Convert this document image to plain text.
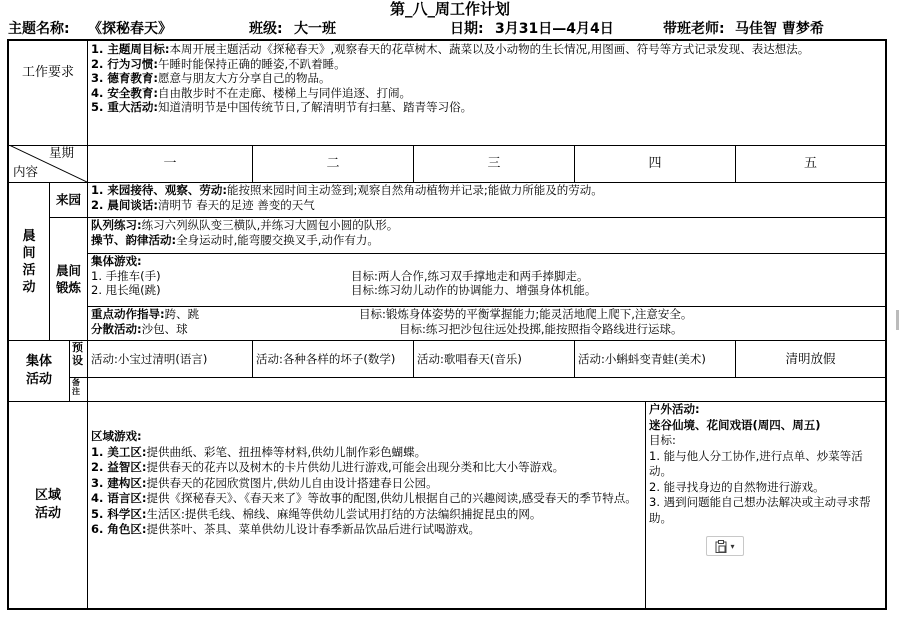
第_八_周工作计划
主题名称: 《探秘春天》	班级: 大一班	日期: 3月31日—4月4日	带班老师: 马佳智 曹梦希
工作要求
1. 主题周目标:本周开展主题活动《探秘春天》,观察春天的花草树木、蔬菜以及小动物的生长情况,用图画、符号等方式记录发现、表达想法。
2. 行为习惯:午睡时能保持正确的睡姿,不趴着睡。
3. 德育教育:愿意与朋友大方分享自己的物品。
4. 安全教育:自由散步时不在走廊、楼梯上与同伴追逐、打闹。
5. 重大活动:知道清明节是中国传统节日,了解清明节有扫墓、踏青等习俗。
星期
内容
一	二	三	四	五
晨间活动
来园
1. 来园接待、观察、劳动:能按照来园时间主动签到;观察自然角动植物并记录;能做力所能及的劳动。
2. 晨间谈话:清明节 春天的足迹 善变的天气
晨间锻炼
队列练习:练习六列纵队变三横队,并练习大圆包小圆的队形。
操节、韵律活动:全身运动时,能弯腰交换叉手,动作有力。
集体游戏:
1. 手推车(手)	目标:两人合作,练习双手撑地走和两手捧脚走。
2. 甩长绳(跳)	目标:练习幼儿动作的协调能力、增强身体机能。
重点动作指导:跨、跳	目标:锻炼身体姿势的平衡掌握能力;能灵活地爬上爬下,注意安全。
分散活动:沙包、球	目标:练习把沙包往远处投掷,能按照指令路线进行运球。
集体活动
预设
备注
活动:小宝过清明(语言)	活动:各种各样的坏子(数学)	活动:歌唱春天(音乐)	活动:小蝌蚪变青蛙(美术)	清明放假
区域活动
区域游戏:
1. 美工区:提供曲纸、彩笔、扭扭棒等材料,供幼儿制作彩色蝴蝶。
2. 益智区:提供春天的花卉以及树木的卡片供幼儿进行游戏,可能会出现分类和比大小等游戏。
3. 建构区:提供春天的花园欣赏图片,供幼儿自由设计搭建春日公园。
4. 语言区:提供《探秘春天》、《春天来了》等故事的配图,供幼儿根据自己的兴趣阅读,感受春天的季节特点。
5. 科学区:生活区:提供毛线、棉线、麻绳等供幼儿尝试用打结的方法编织捕捉昆虫的网。
6. 角色区:提供茶叶、茶具、菜单供幼儿设计春季新品饮品后进行试喝游戏。
户外活动:
迷谷仙境、花间戏语(周四、周五)
目标:
1. 能与他人分工协作,进行点单、炒菜等活动。
2. 能寻找身边的自然物进行游戏。
3. 遇到问题能自己想办法解决或主动寻求帮助。
▾
